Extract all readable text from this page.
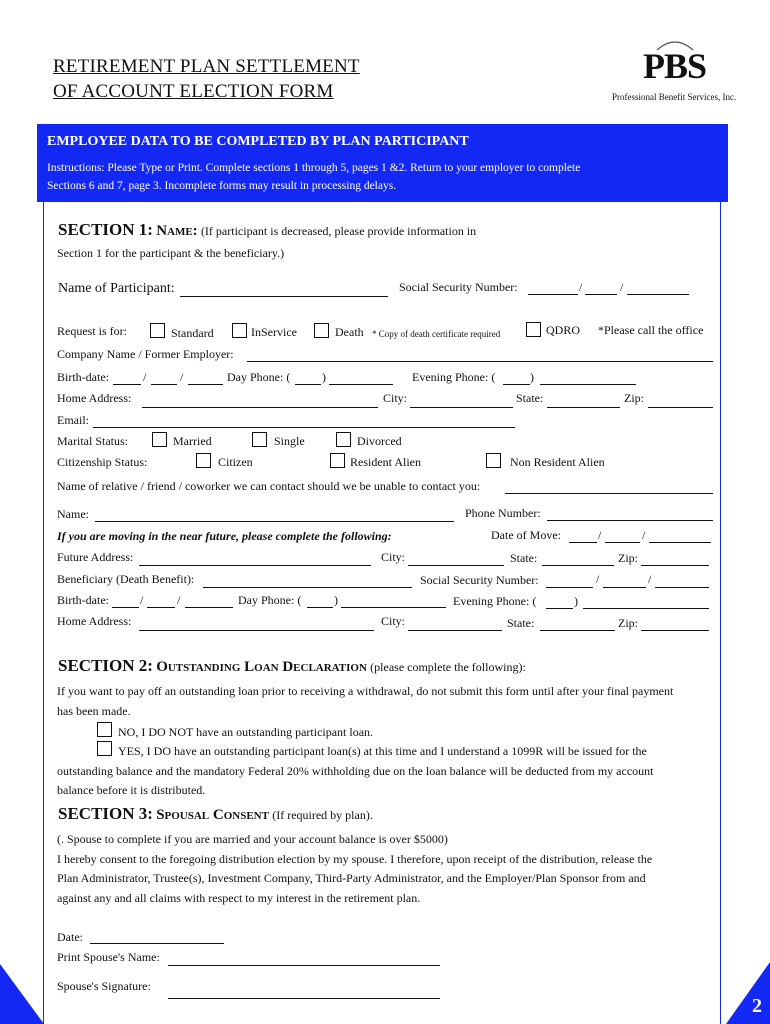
RETIREMENT PLAN SETTLEMENT
OF ACCOUNT ELECTION FORM
PBS
Professional Benefit Services, Inc.
EMPLOYEE DATA TO BE COMPLETED BY PLAN PARTICIPANT
Instructions: Please Type or Print. Complete sections 1 through 5, pages 1 &2. Return to your employer to complete
Sections 6 and 7, page 3. Incomplete forms may result in processing delays.
SECTION 1: Name: (If participant is decreased, please provide information in
Section 1 for the participant & the beneficiary.)
Name of Participant:	Social Security Number:	/	/
Request is for:	Standard	InService	Death * Copy of death certificate required	QDRO *Please call the office
Company Name / Former Employer:
Birth-date:	/	/	Day Phone: (	)	Evening Phone: (	)
Home Address:	City:	State:	Zip:
Email:
Marital Status:	Married	Single	Divorced
Citizenship Status:	Citizen	Resident Alien	Non Resident Alien
Name of relative / friend / coworker we can contact should we be unable to contact you:
Name:	Phone Number:
If you are moving in the near future, please complete the following:	Date of Move:	/	/
Future Address:	City:	State:	Zip:
Beneficiary (Death Benefit):	Social Security Number:	/	/
Birth-date:	/	/	Day Phone: (	)	Evening Phone: (	)
Home Address:	City:	State:	Zip:
SECTION 2: Outstanding Loan Declaration (please complete the following):
If you want to pay off an outstanding loan prior to receiving a withdrawal, do not submit this form until after your final payment
has been made.
NO, I DO NOT have an outstanding participant loan.
YES, I DO have an outstanding participant loan(s) at this time and I understand a 1099R will be issued for the
outstanding balance and the mandatory Federal 20% withholding due on the loan balance will be deducted from my account
balance before it is distributed.
SECTION 3: Spousal Consent (If required by plan).
(. Spouse to complete if you are married and your account balance is over $5000)
I hereby consent to the foregoing distribution election by my spouse. I therefore, upon receipt of the distribution, release the
Plan Administrator, Trustee(s), Investment Company, Third-Party Administrator, and the Employer/Plan Sponsor from and
against any and all claims with respect to my interest in the retirement plan.
Date:
Print Spouse's Name:
Spouse's Signature:
2
